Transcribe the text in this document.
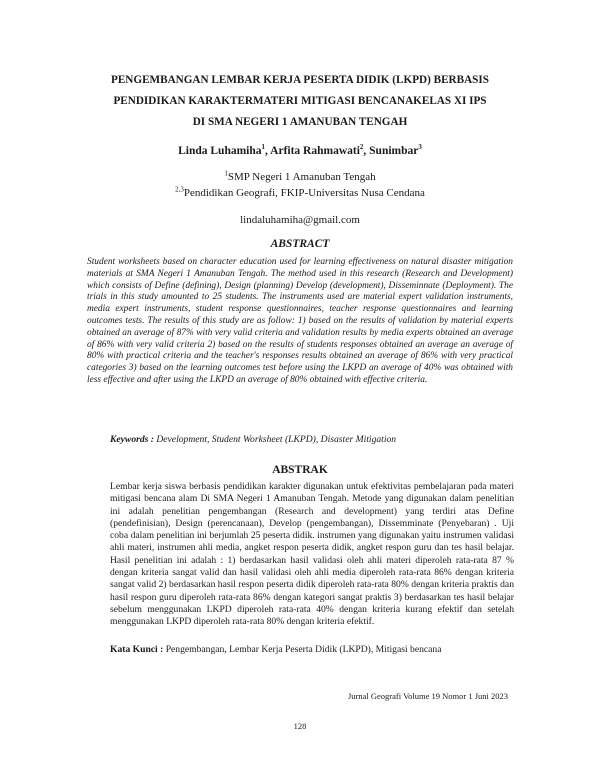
PENGEMBANGAN LEMBAR KERJA PESERTA DIDIK (LKPD) BERBASIS
PENDIDIKAN KARAKTERMATERI MITIGASI BENCANAKELAS XI IPS
DI SMA NEGERI 1 AMANUBAN TENGAH
Linda Luhamiha$^1$, Arfita Rahmawati$^2$, Sunimbar$^3$
$^1$SMP Negeri 1 Amanuban Tengah
$^{2,3}$Pendidikan Geografi, FKIP-Universitas Nusa Cendana
lindaluhamiha@gmail.com
ABSTRACT
Student worksheets based on character education used for learning effectiveness on natural disaster mitigation materials at SMA Negeri 1 Amanuban Tengah. The method used in this research (Research and Development) which consists of Define (defining), Design (planning) Develop (development), Disseminnate (Deployment). The trials in this study amounted to 25 students. The instruments used are material expert validation instruments, media expert instruments, student response questionnaires, teacher response questionnaires and learning outcomes tests. The results of this study are as follow: 1) based on the results of validation by material experts obtained an average of 87% with very valid criteria and validation results by media experts obtained an average of 86% with very valid criteria 2) based on the results of students responses obtained an average an average of 80% with practical criteria and the teacher's responses results obtained an average of 86% with very practical categories 3) based on the learning outcomes test before using the LKPD an average of 40% was obtained with less effective and after using the LKPD an average of 80% obtained with effective criteria.
Keywords : Development, Student Worksheet (LKPD), Disaster Mitigation
ABSTRAK
Lembar kerja siswa berbasis pendidikan karakter digunakan untuk efektivitas pembelajaran pada materi mitigasi bencana alam Di SMA Negeri 1 Amanuban Tengah. Metode yang digunakan dalam penelitian ini adalah penelitian pengembangan (Research and development) yang terdiri atas Define (pendefinisian), Design (perencanaan), Develop (pengembangan), Dissemminate (Penyebaran) . Uji coba dalam penelitian ini berjumlah 25 peserta didik. instrumen yang digunakan yaitu instrumen validasi ahli materi, instrumen ahli media, angket respon peserta didik, angket respon guru dan tes hasil belajar. Hasil penelitian ini adalah : 1) berdasarkan hasil validasi oleh ahli materi diperoleh rata-rata 87 % dengan kriteria sangat valid dan hasil validasi oleh ahli media diperoleh rata-rata 86% dengan kriteria sangat valid 2) berdasarkan hasil respon peserta didik diperoleh rata-rata 80% dengan kriteria praktis dan hasil respon guru diperoleh rata-rata 86% dengan kategori sangat praktis 3) berdasarkan tes hasil belajar sebelum menggunakan LKPD diperoleh rata-rata 40% dengan kriteria kurang efektif dan setelah menggunakan LKPD diperoleh rata-rata 80% dengan kriteria efektif.
Kata Kunci : Pengembangan, Lembar Kerja Peserta Didik (LKPD), Mitigasi bencana
Jurnal Geografi Volume 19 Nomor 1 Juni 2023
128
